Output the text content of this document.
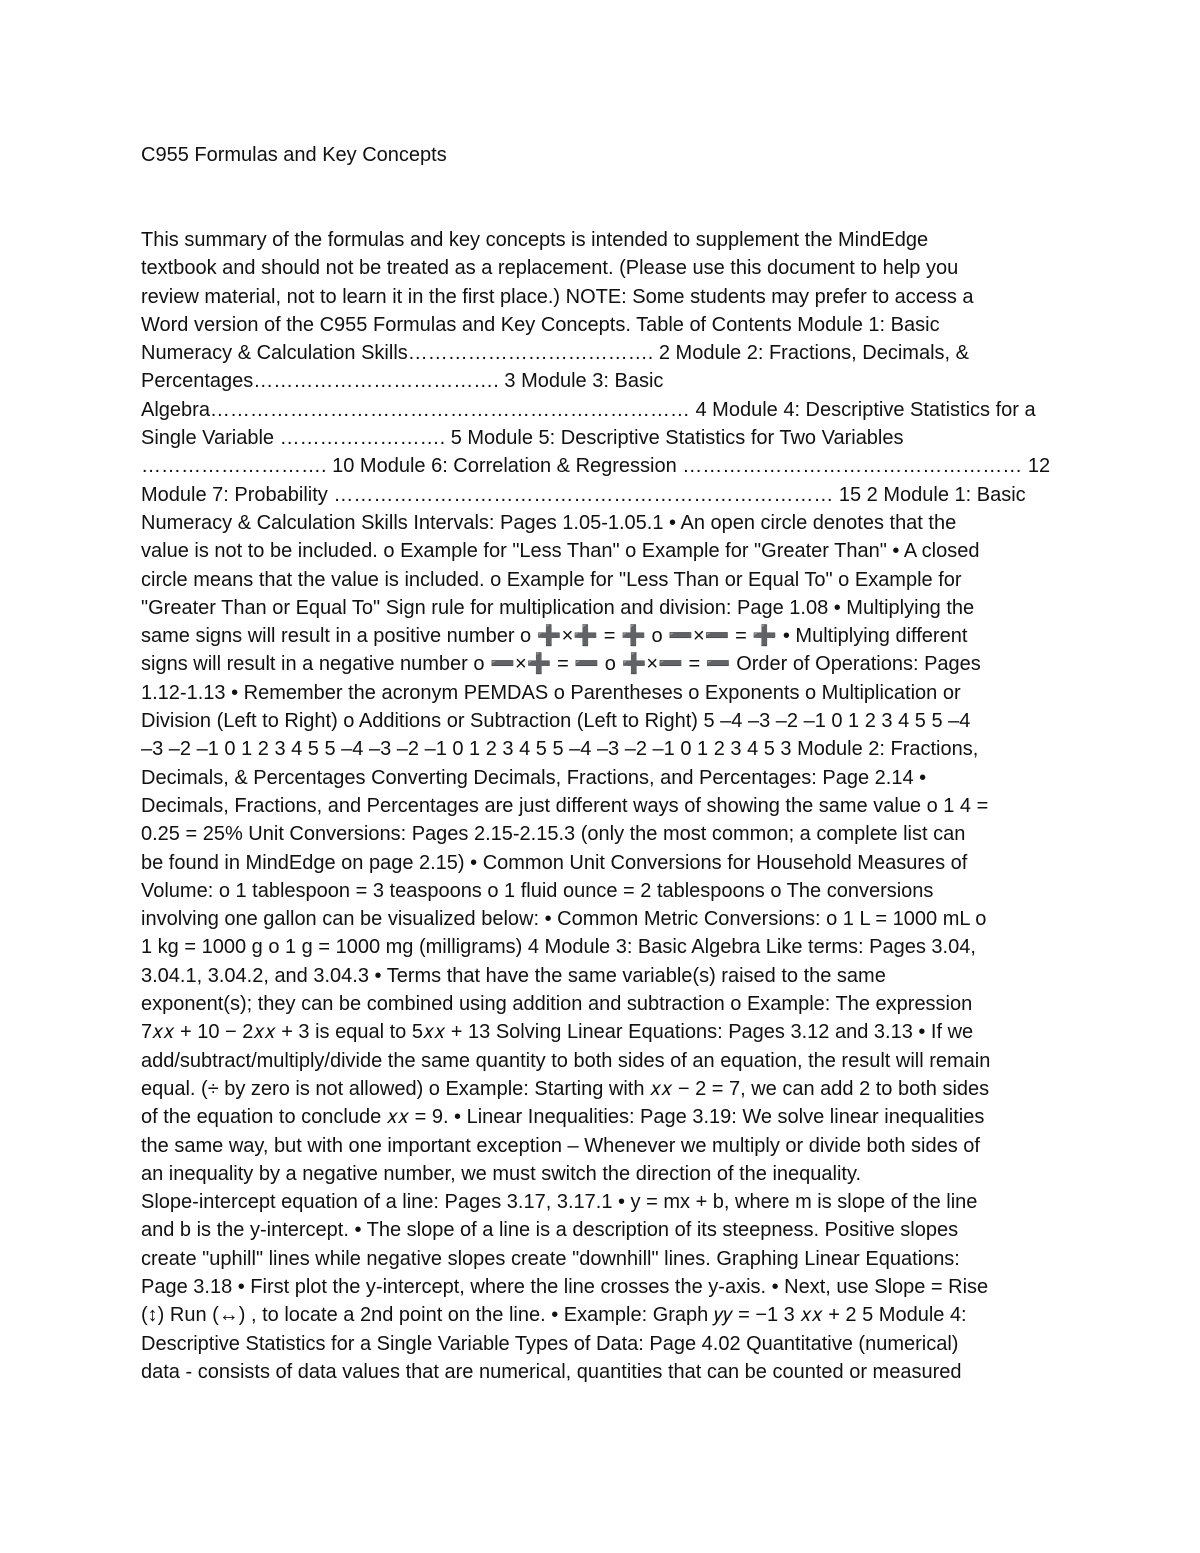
C955 Formulas and Key Concepts
This summary of the formulas and key concepts is intended to supplement the MindEdge
textbook and should not be treated as a replacement. (Please use this document to help you
review material, not to learn it in the first place.) NOTE: Some students may prefer to access a
Word version of the C955 Formulas and Key Concepts. Table of Contents Module 1: Basic
Numeracy & Calculation Skills………………………………. 2 Module 2: Fractions, Decimals, &
Percentages………………………………. 3 Module 3: Basic
Algebra……………………………………………………………… 4 Module 4: Descriptive Statistics for a
Single Variable ……………………. 5 Module 5: Descriptive Statistics for Two Variables
………………………. 10 Module 6: Correlation & Regression …………………………………………… 12
Module 7: Probability ………………………………………………………………… 15 2 Module 1: Basic
Numeracy & Calculation Skills Intervals: Pages 1.05-1.05.1 • An open circle denotes that the
value is not to be included. o Example for "Less Than" o Example for "Greater Than" • A closed
circle means that the value is included. o Example for "Less Than or Equal To" o Example for
"Greater Than or Equal To" Sign rule for multiplication and division: Page 1.08 • Multiplying the
same signs will result in a positive number o ➕×➕ = ➕ o ➖×➖ = ➕ • Multiplying different
signs will result in a negative number o ➖×➕ = ➖ o ➕×➖ = ➖ Order of Operations: Pages
1.12-1.13 • Remember the acronym PEMDAS o Parentheses o Exponents o Multiplication or
Division (Left to Right) o Additions or Subtraction (Left to Right) 5 –4 –3 –2 –1 0 1 2 3 4 5 5 –4
–3 –2 –1 0 1 2 3 4 5 5 –4 –3 –2 –1 0 1 2 3 4 5 5 –4 –3 –2 –1 0 1 2 3 4 5 3 Module 2: Fractions,
Decimals, & Percentages Converting Decimals, Fractions, and Percentages: Page 2.14 •
Decimals, Fractions, and Percentages are just different ways of showing the same value o 1 4 =
0.25 = 25% Unit Conversions: Pages 2.15-2.15.3 (only the most common; a complete list can
be found in MindEdge on page 2.15) • Common Unit Conversions for Household Measures of
Volume: o 1 tablespoon = 3 teaspoons o 1 fluid ounce = 2 tablespoons o The conversions
involving one gallon can be visualized below: • Common Metric Conversions: o 1 L = 1000 mL o
1 kg = 1000 g o 1 g = 1000 mg (milligrams) 4 Module 3: Basic Algebra Like terms: Pages 3.04,
3.04.1, 3.04.2, and 3.04.3 • Terms that have the same variable(s) raised to the same
exponent(s); they can be combined using addition and subtraction o Example: The expression
7𝑥𝑥 + 10 − 2𝑥𝑥 + 3 is equal to 5𝑥𝑥 + 13 Solving Linear Equations: Pages 3.12 and 3.13 • If we
add/subtract/multiply/divide the same quantity to both sides of an equation, the result will remain
equal. (÷ by zero is not allowed) o Example: Starting with 𝑥𝑥 − 2 = 7, we can add 2 to both sides
of the equation to conclude 𝑥𝑥 = 9. • Linear Inequalities: Page 3.19: We solve linear inequalities
the same way, but with one important exception – Whenever we multiply or divide both sides of
an inequality by a negative number, we must switch the direction of the inequality.
Slope-intercept equation of a line: Pages 3.17, 3.17.1 • y = mx + b, where m is slope of the line
and b is the y-intercept. • The slope of a line is a description of its steepness. Positive slopes
create "uphill" lines while negative slopes create "downhill" lines. Graphing Linear Equations:
Page 3.18 • First plot the y-intercept, where the line crosses the y-axis. • Next, use Slope = Rise
(↕) Run (↔) , to locate a 2nd point on the line. • Example: Graph 𝑦𝑦 = −1 3 𝑥𝑥 + 2 5 Module 4:
Descriptive Statistics for a Single Variable Types of Data: Page 4.02 Quantitative (numerical)
data - consists of data values that are numerical, quantities that can be counted or measured
